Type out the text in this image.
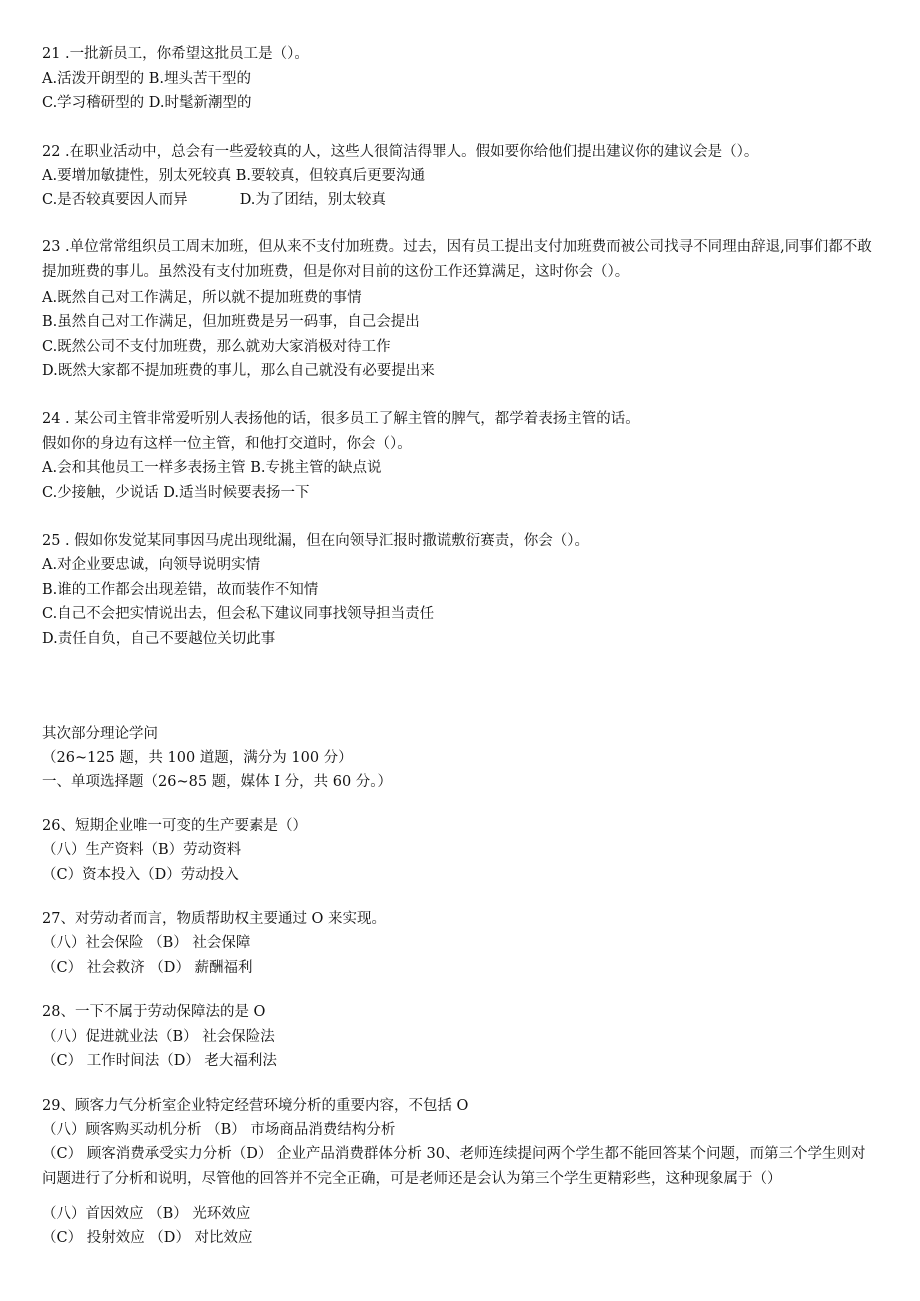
21 .一批新员工，你希望这批员工是（）。
A.活泼开朗型的 B.埋头苦干型的
C.学习稽研型的 D.时髦新潮型的
22 .在职业活动中，总会有一些爱较真的人，这些人很简洁得罪人。假如要你给他们提出建议你的建议会是（）。
A.要增加敏捷性，别太死较真 B.要较真，但较真后更要沟通
C.是否较真要因人而异	D.为了团结，别太较真
23 .单位常常组织员工周末加班，但从来不支付加班费。过去，因有员工提出支付加班费而被公司找寻不同理由辞退,同事们都不敢提加班费的事儿。虽然没有支付加班费，但是你对目前的这份工作还算满足，这时你会（）。
A.既然自己对工作满足，所以就不提加班费的事情
B.虽然自己对工作满足，但加班费是另一码事，自己会提出
C.既然公司不支付加班费，那么就劝大家消极对待工作
D.既然大家都不提加班费的事儿，那么自己就没有必要提出来
24 . 某公司主管非常爱听别人表扬他的话，很多员工了解主管的脾气，都学着表扬主管的话。
假如你的身边有这样一位主管，和他打交道时，你会（）。
A.会和其他员工一样多表扬主管 B.专挑主管的缺点说
C.少接触，少说话 D.适当时候要表扬一下
25 . 假如你发觉某同事因马虎出现纰漏，但在向领导汇报时撒谎敷衍赛责，你会（）。
A.对企业要忠诚，向领导说明实情
B.谁的工作都会出现差错，故而装作不知情
C.自己不会把实情说出去，但会私下建议同事找领导担当责任
D.责任自负，自己不要越位关切此事
其次部分理论学问
（26~125 题，共 100 道题，满分为 100 分）
一、单项选择题（26~85 题，媒体 I 分，共 60 分。）
26、短期企业唯一可变的生产要素是（）
（八）生产资料（B）劳动资料
（C）资本投入（D）劳动投入
27、对劳动者而言，物质帮助权主要通过 O 来实现。
（八）社会保险 （B） 社会保障
（C） 社会救济 （D） 薪酬福利
28、一下不属于劳动保障法的是 O
（八）促进就业法（B） 社会保险法
（C） 工作时间法（D） 老大福利法
29、顾客力气分析室企业特定经营环境分析的重要内容，不包括 O
（八）顾客购买动机分析 （B） 市场商品消费结构分析
（C） 顾客消费承受实力分析（D） 企业产品消费群体分析 30、老师连续提问两个学生都不能回答某个问题，而第三个学生则对问题进行了分析和说明，尽管他的回答并不完全正确，可是老师还是会认为第三个学生更精彩些，这种现象属于（）
（八）首因效应 （B） 光环效应
（C） 投射效应 （D） 对比效应
